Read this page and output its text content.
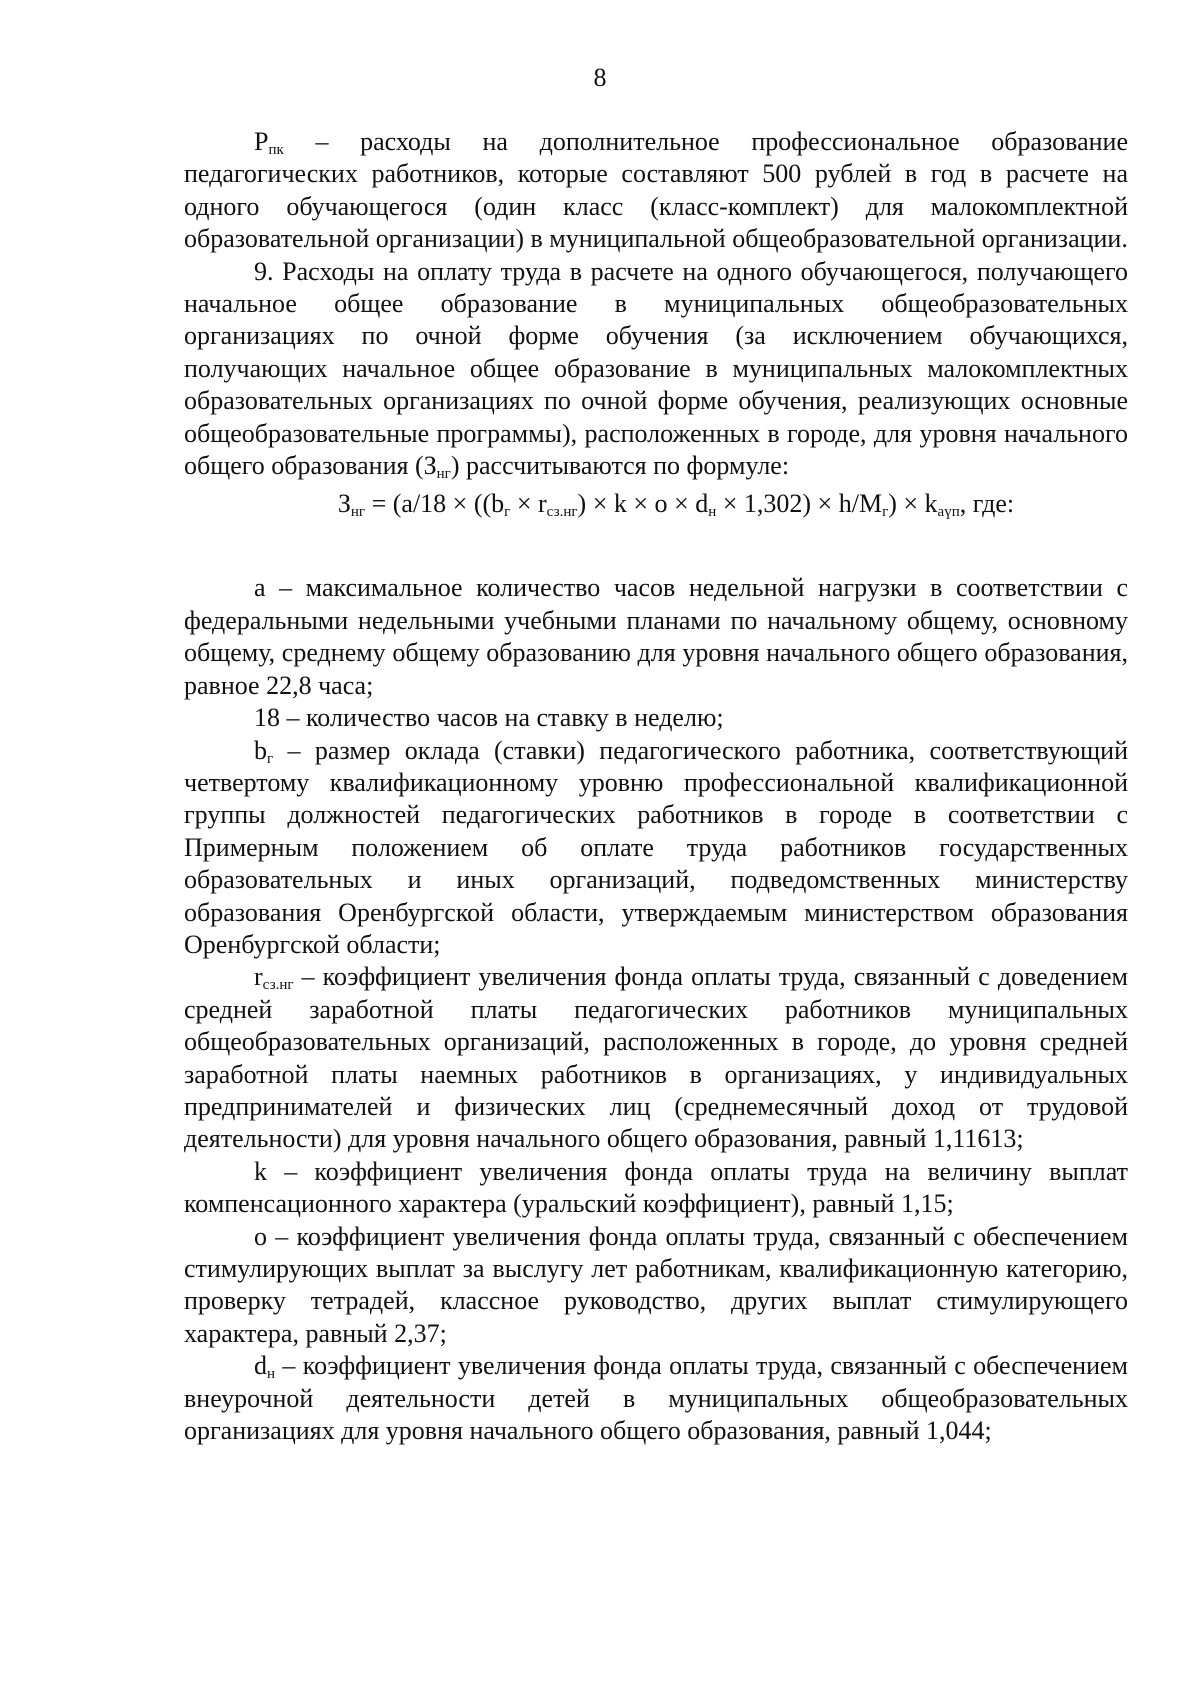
8

$Р_{пк}$ – расходы на дополнительное профессиональное образование педагогических работников, которые составляют 500 рублей в год в расчете на одного обучающегося (один класс (класс-комплект) для малокомплектной образовательной организации) в муниципальной общеобразовательной организации.

9. Расходы на оплату труда в расчете на одного обучающегося, получающего начальное общее образование в муниципальных общеобразовательных организациях по очной форме обучения (за исключением обучающихся, получающих начальное общее образование в муниципальных малокомплектных образовательных организациях по очной форме обучения, реализующих основные общеобразовательные программы), расположенных в городе, для уровня начального общего образования $(З_{нг})$ рассчитываются по формуле:

$З_{нг} = (a/18 \times ((b_г \times r_{сз.нг}) \times k \times o \times d_н \times 1,302) \times h/M_г) \times k_{аүп}$, где:

a – максимальное количество часов недельной нагрузки в соответствии с федеральными недельными учебными планами по начальному общему, основному общему, среднему общему образованию для уровня начального общего образования, равное 22,8 часа;

18 – количество часов на ставку в неделю;

$b_г$ – размер оклада (ставки) педагогического работника, соответствующий четвертому квалификационному уровню профессиональной квалификационной группы должностей педагогических работников в городе в соответствии с Примерным положением об оплате труда работников государственных образовательных и иных организаций, подведомственных министерству образования Оренбургской области, утверждаемым министерством образования Оренбургской области;

$r_{сз.нг}$ – коэффициент увеличения фонда оплаты труда, связанный с доведением средней заработной платы педагогических работников муниципальных общеобразовательных организаций, расположенных в городе, до уровня средней заработной платы наемных работников в организациях, у индивидуальных предпринимателей и физических лиц (среднемесячный доход от трудовой деятельности) для уровня начального общего образования, равный 1,11613;

k – коэффициент увеличения фонда оплаты труда на величину выплат компенсационного характера (уральский коэффициент), равный 1,15;

o – коэффициент увеличения фонда оплаты труда, связанный с обеспечением стимулирующих выплат за выслугу лет работникам, квалификационную категорию, проверку тетрадей, классное руководство, других выплат стимулирующего характера, равный 2,37;

$d_н$ – коэффициент увеличения фонда оплаты труда, связанный с обеспечением внеурочной деятельности детей в муниципальных общеобразовательных организациях для уровня начального общего образования, равный 1,044;
